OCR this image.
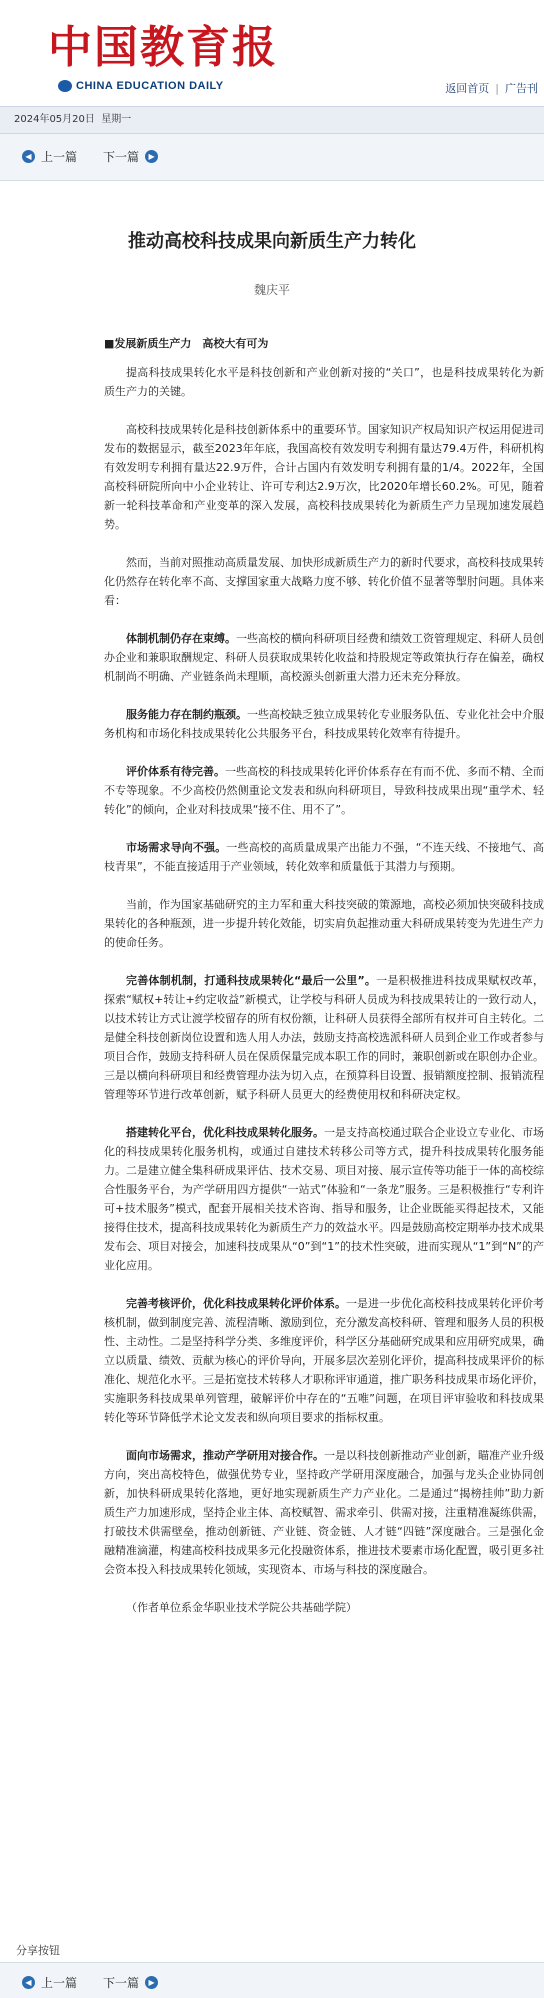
中国教育报
CHINA EDUCATION DAILY	返回首页 | 广告刊
2024年05月20日 星期一
◀ 上一篇 下一篇	▶
推动高校科技成果向新质生产力转化
魏庆平

■发展新质生产力　高校大有可为

提高科技成果转化水平是科技创新和产业创新对接的“关口”，也是科技成果转化为新质生产力的关键。

高校科技成果转化是科技创新体系中的重要环节。国家知识产权局知识产权运用促进司发布的数据显示，截至2023年年底，我国高校有效发明专利拥有量达79.4万件，科研机构有效发明专利拥有量达22.9万件，合计占国内有效发明专利拥有量的1/4。2022年，全国高校科研院所向中小企业转让、许可专利达2.9万次，比2020年增长60.2%。可见，随着新一轮科技革命和产业变革的深入发展，高校科技成果转化为新质生产力呈现加速发展趋势。

然而，当前对照推动高质量发展、加快形成新质生产力的新时代要求，高校科技成果转化仍然存在转化率不高、支撑国家重大战略力度不够、转化价值不显著等掣肘问题。具体来看：

体制机制仍存在束缚。一些高校的横向科研项目经费和绩效工资管理规定、科研人员创办企业和兼职取酬规定、科研人员获取成果转化收益和持股规定等政策执行存在偏差，确权机制尚不明确、产业链条尚未理顺，高校源头创新重大潜力还未充分释放。

服务能力存在制约瓶颈。一些高校缺乏独立成果转化专业服务队伍、专业化社会中介服务机构和市场化科技成果转化公共服务平台，科技成果转化效率有待提升。

评价体系有待完善。一些高校的科技成果转化评价体系存在有而不优、多而不精、全而不专等现象。不少高校仍然侧重论文发表和纵向科研项目，导致科技成果出现“重学术、轻转化”的倾向，企业对科技成果“接不住、用不了”。

市场需求导向不强。一些高校的高质量成果产出能力不强，“不连天线、不接地气、高枝青果”，不能直接适用于产业领域，转化效率和质量低于其潜力与预期。

当前，作为国家基础研究的主力军和重大科技突破的策源地，高校必须加快突破科技成果转化的各种瓶颈，进一步提升转化效能，切实肩负起推动重大科研成果转变为先进生产力的使命任务。

完善体制机制，打通科技成果转化“最后一公里”。一是积极推进科技成果赋权改革，探索“赋权+转让+约定收益”新模式，让学校与科研人员成为科技成果转让的一致行动人，以技术转让方式让渡学校留存的所有权份额，让科研人员获得全部所有权并可自主转化。二是健全科技创新岗位设置和选人用人办法，鼓励支持高校选派科研人员到企业工作或者参与项目合作，鼓励支持科研人员在保质保量完成本职工作的同时，兼职创新或在职创办企业。三是以横向科研项目和经费管理办法为切入点，在预算科目设置、报销额度控制、报销流程管理等环节进行改革创新，赋予科研人员更大的经费使用权和科研决定权。

搭建转化平台，优化科技成果转化服务。一是支持高校通过联合企业设立专业化、市场化的科技成果转化服务机构，或通过自建技术转移公司等方式，提升科技成果转化服务能力。二是建立健全集科研成果评估、技术交易、项目对接、展示宣传等功能于一体的高校综合性服务平台，为产学研用四方提供“一站式”体验和“一条龙”服务。三是积极推行“专利许可+技术服务”模式，配套开展相关技术咨询、指导和服务，让企业既能买得起技术，又能接得住技术，提高科技成果转化为新质生产力的效益水平。四是鼓励高校定期举办技术成果发布会、项目对接会，加速科技成果从“0”到“1”的技术性突破，进而实现从“1”到“N”的产业化应用。

完善考核评价，优化科技成果转化评价体系。一是进一步优化高校科技成果转化评价考核机制，做到制度完善、流程清晰、激励到位，充分激发高校科研、管理和服务人员的积极性、主动性。二是坚持科学分类、多维度评价，科学区分基础研究成果和应用研究成果，确立以质量、绩效、贡献为核心的评价导向，开展多层次差别化评价，提高科技成果评价的标准化、规范化水平。三是拓宽技术转移人才职称评审通道，推广职务科技成果市场化评价，实施职务科技成果单列管理，破解评价中存在的“五唯”问题，在项目评审验收和科技成果转化等环节降低学术论文发表和纵向项目要求的指标权重。

面向市场需求，推动产学研用对接合作。一是以科技创新推动产业创新，瞄准产业升级方向，突出高校特色，做强优势专业，坚持政产学研用深度融合，加强与龙头企业协同创新，加快科研成果转化落地，更好地实现新质生产力产业化。二是通过“揭榜挂帅”助力新质生产力加速形成，坚持企业主体、高校赋智、需求牵引、供需对接，注重精准凝练供需，打破技术供需壁垒，推动创新链、产业链、资金链、人才链“四链”深度融合。三是强化金融精准滴灌，构建高校科技成果多元化投融资体系，推进技术要素市场化配置，吸引更多社会资本投入科技成果转化领域，实现资本、市场与科技的深度融合。

（作者单位系金华职业技术学院公共基础学院）

分享按钮
◀ 上一篇 下一篇	▶
